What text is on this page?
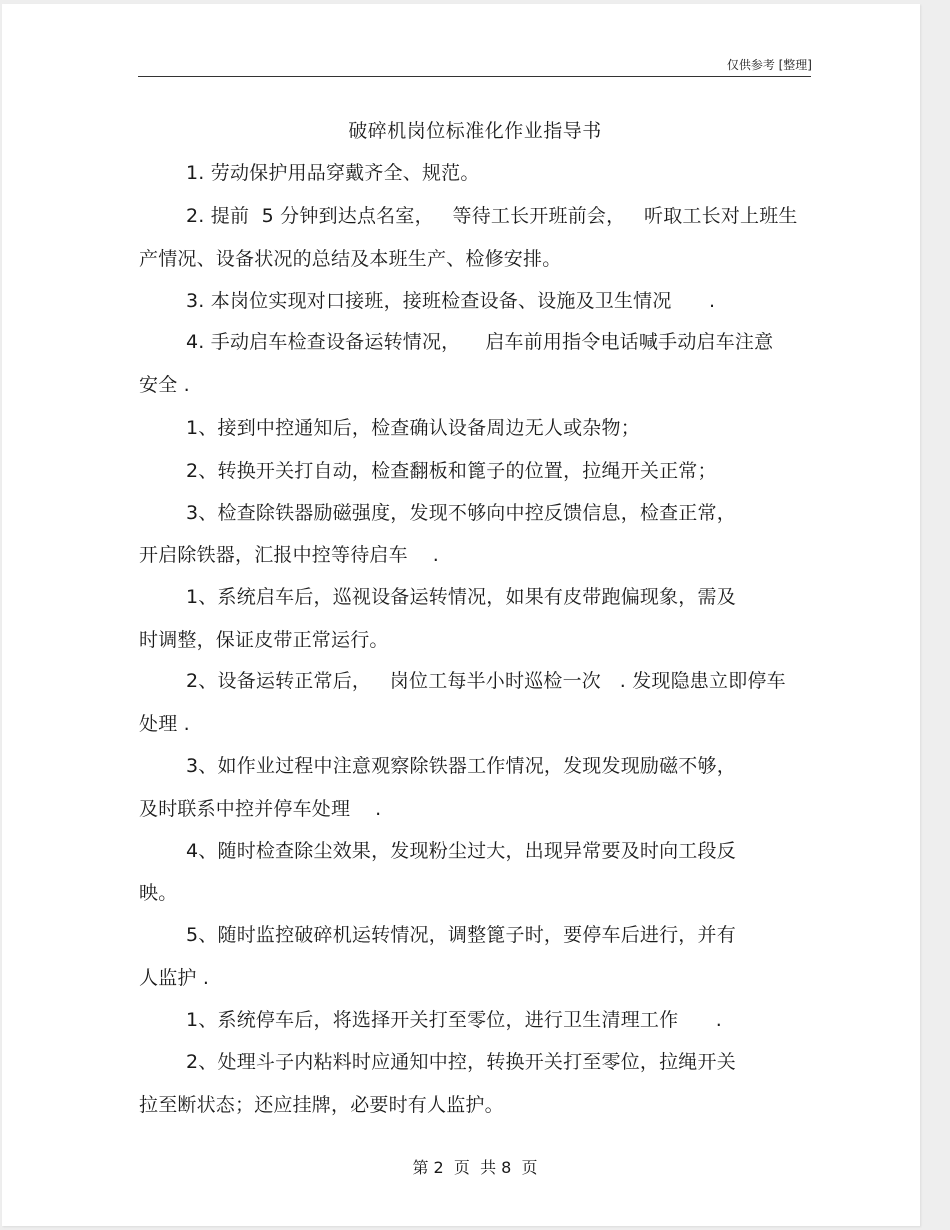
仅供参考 [整理]
破碎机岗位标准化作业指导书
1. 劳动保护用品穿戴齐全、规范。
2. 提前  5 分钟到达点名室，   等待工长开班前会，   听取工长对上班生
产情况、设备状况的总结及本班生产、检修安排。
3. 本岗位实现对口接班，接班检查设备、设施及卫生情况      .
4. 手动启车检查设备运转情况，    启车前用指令电话喊手动启车注意
安全 .
1、接到中控通知后，检查确认设备周边无人或杂物；
2、转换开关打自动，检查翻板和篦子的位置，拉绳开关正常；
3、检查除铁器励磁强度，发现不够向中控反馈信息，检查正常，
开启除铁器，汇报中控等待启车    .
1、系统启车后，巡视设备运转情况，如果有皮带跑偏现象，需及
时调整，保证皮带正常运行。
2、设备运转正常后，   岗位工每半小时巡检一次   . 发现隐患立即停车
处理 .
3、如作业过程中注意观察除铁器工作情况，发现发现励磁不够，
及时联系中控并停车处理    .
4、随时检查除尘效果，发现粉尘过大，出现异常要及时向工段反
映。
5、随时监控破碎机运转情况，调整篦子时，要停车后进行，并有
人监护 .
1、系统停车后，将选择开关打至零位，进行卫生清理工作      .
2、处理斗子内粘料时应通知中控，转换开关打至零位，拉绳开关
拉至断状态；还应挂牌，必要时有人监护。
第 2  页  共 8  页
